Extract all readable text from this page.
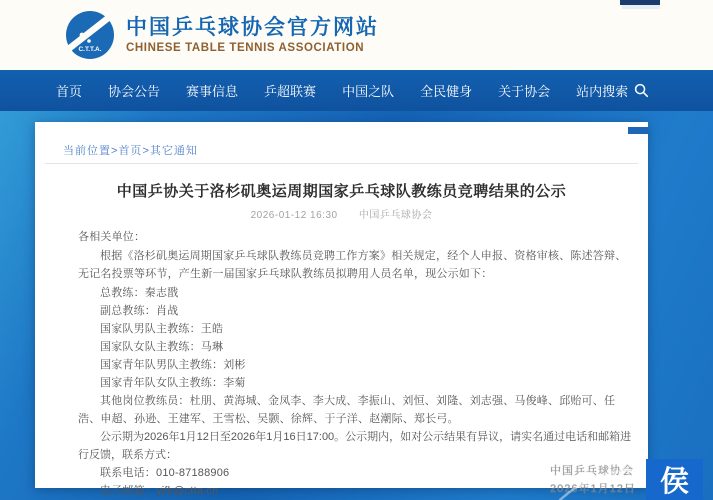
C.T.T.A.
中国乒乓球协会官方网站
CHINESE TABLE TENNIS ASSOCIATION
首页 协会公告 赛事信息 乒超联赛 中国之队 全民健身 关于协会 站内搜索
当前位置>首页>其它通知
中国乒协关于洛杉矶奥运周期国家乒乓球队教练员竞聘结果的公示
2026-01-12 16:30 中国乒乓球协会

各相关单位：

根据《洛杉矶奥运周期国家乒乓球队教练员竞聘工作方案》相关规定，经个人申报、资格审核、陈述答辩、无记名投票等环节，产生新一届国家乒乓球队教练员拟聘用人员名单，现公示如下：

总教练：秦志戬

副总教练：肖战

国家队男队主教练：王皓

国家队女队主教练：马琳

国家青年队男队主教练：刘彬

国家青年队女队主教练：李菊

其他岗位教练员：杜朋、黄海城、金凤李、李大成、李振山、刘恒、刘隆、刘志强、马俊峰、邱贻可、任浩、申超、孙逊、王建军、王雪松、吴颢、徐辉、于子洋、赵潮际、郑长弓。

公示期为2026年1月12日至2026年1月16日17:00。公示期内，如对公示结果有异议，请实名通过电话和邮箱进行反馈，联系方式：

联系电话：010-87188906

电子邮箱：yjfk@ctta.cn

中国乒乓球协会
2026年1月12日 侯
